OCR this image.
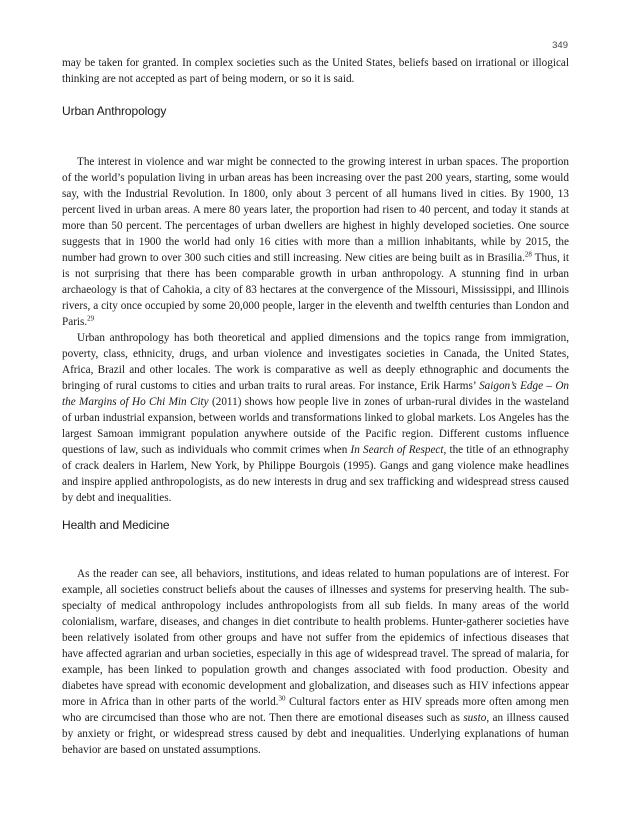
349

may be taken for granted. In complex societies such as the United States, beliefs based on irrational or illogical thinking are not accepted as part of being modern, or so it is said.

Urban Anthropology

The interest in violence and war might be connected to the growing interest in urban spaces. The proportion of the world’s population living in urban areas has been increasing over the past 200 years, starting, some would say, with the Industrial Revolution. In 1800, only about 3 percent of all humans lived in cities. By 1900, 13 percent lived in urban areas. A mere 80 years later, the proportion had risen to 40 percent, and today it stands at more than 50 percent. The percentages of urban dwellers are highest in highly developed societies. One source suggests that in 1900 the world had only 16 cities with more than a million inhabitants, while by 2015, the number had grown to over 300 such cities and still increasing. New cities are being built as in Brasilia.$^{28}$ Thus, it is not surprising that there has been comparable growth in urban anthropology. A stunning find in urban archaeology is that of Cahokia, a city of 83 hectares at the convergence of the Missouri, Mississippi, and Illinois rivers, a city once occupied by some 20,000 people, larger in the eleventh and twelfth centuries than London and Paris.$^{29}$

Urban anthropology has both theoretical and applied dimensions and the topics range from immigration, poverty, class, ethnicity, drugs, and urban violence and investigates societies in Canada, the United States, Africa, Brazil and other locales. The work is comparative as well as deeply ethnographic and documents the bringing of rural customs to cities and urban traits to rural areas. For instance, Erik Harms’ Saigon’s Edge – On the Margins of Ho Chi Min City (2011) shows how people live in zones of urban-rural divides in the wasteland of urban industrial expansion, between worlds and transformations linked to global markets. Los Angeles has the largest Samoan immigrant population anywhere outside of the Pacific region. Different customs influence questions of law, such as individuals who commit crimes when In Search of Respect, the title of an ethnography of crack dealers in Harlem, New York, by Philippe Bourgois (1995). Gangs and gang violence make headlines and inspire applied anthropologists, as do new interests in drug and sex trafficking and widespread stress caused by debt and inequalities.

Health and Medicine

As the reader can see, all behaviors, institutions, and ideas related to human populations are of interest. For example, all societies construct beliefs about the causes of illnesses and systems for preserving health. The sub-specialty of medical anthropology includes anthropologists from all sub fields. In many areas of the world colonialism, warfare, diseases, and changes in diet contribute to health problems. Hunter-gatherer societies have been relatively isolated from other groups and have not suffer from the epidemics of infectious diseases that have affected agrarian and urban societies, especially in this age of widespread travel. The spread of malaria, for example, has been linked to population growth and changes associated with food production. Obesity and diabetes have spread with economic development and globalization, and diseases such as HIV infections appear more in Africa than in other parts of the world.$^{30}$ Cultural factors enter as HIV spreads more often among men who are circumcised than those who are not. Then there are emotional diseases such as susto, an illness caused by anxiety or fright, or widespread stress caused by debt and inequalities. Underlying explanations of human behavior are based on unstated assumptions.
